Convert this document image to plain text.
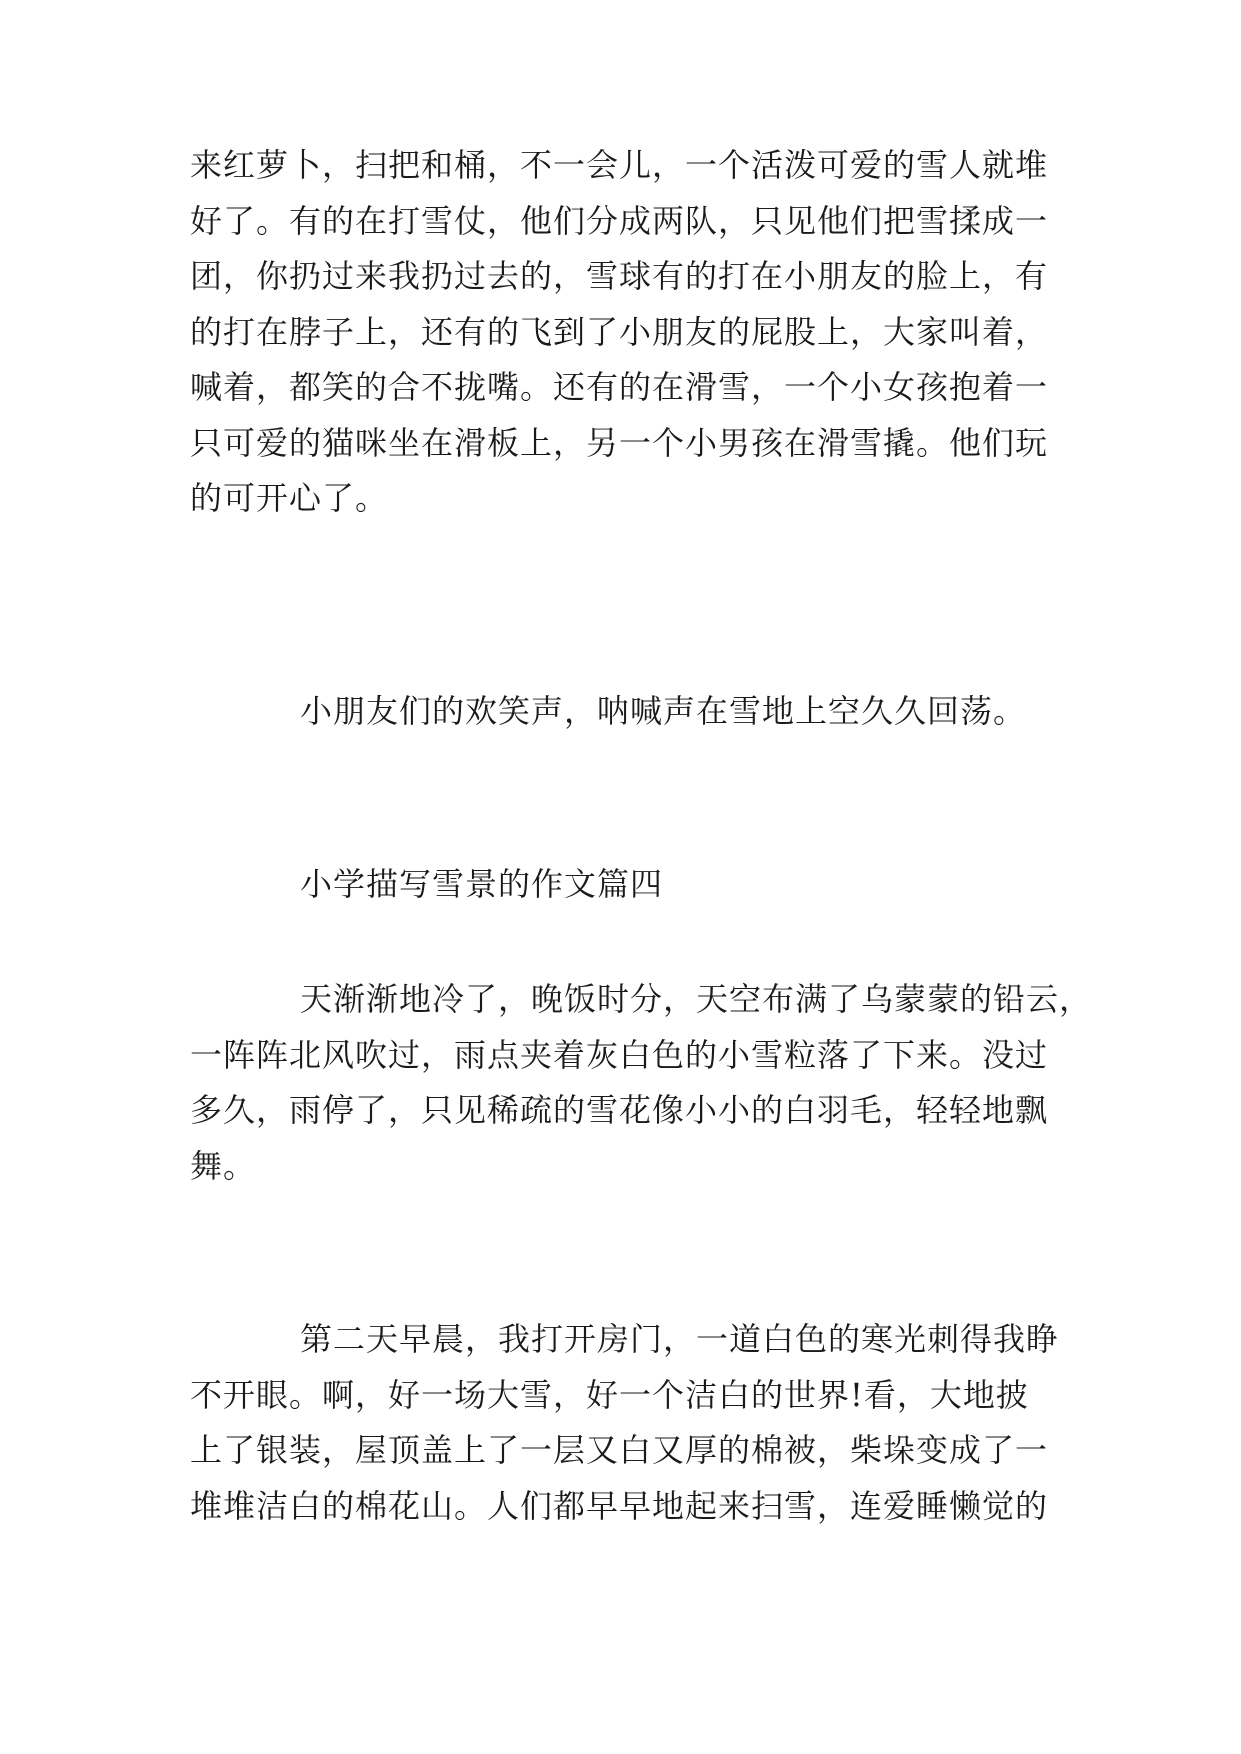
来红萝卜，扫把和桶，不一会儿，一个活泼可爱的雪人就堆
好了。有的在打雪仗，他们分成两队，只见他们把雪揉成一
团，你扔过来我扔过去的，雪球有的打在小朋友的脸上，有
的打在脖子上，还有的飞到了小朋友的屁股上，大家叫着，
喊着，都笑的合不拢嘴。还有的在滑雪，一个小女孩抱着一
只可爱的猫咪坐在滑板上，另一个小男孩在滑雪撬。他们玩
的可开心了。

小朋友们的欢笑声，呐喊声在雪地上空久久回荡。

小学描写雪景的作文篇四

天渐渐地冷了，晚饭时分，天空布满了乌蒙蒙的铅云，
一阵阵北风吹过，雨点夹着灰白色的小雪粒落了下来。没过
多久，雨停了，只见稀疏的雪花像小小的白羽毛，轻轻地飘
舞。

第二天早晨，我打开房门，一道白色的寒光刺得我睁
不开眼。啊，好一场大雪，好一个洁白的世界!看，大地披
上了银装，屋顶盖上了一层又白又厚的棉被，柴垛变成了一
堆堆洁白的棉花山。人们都早早地起来扫雪，连爱睡懒觉的
